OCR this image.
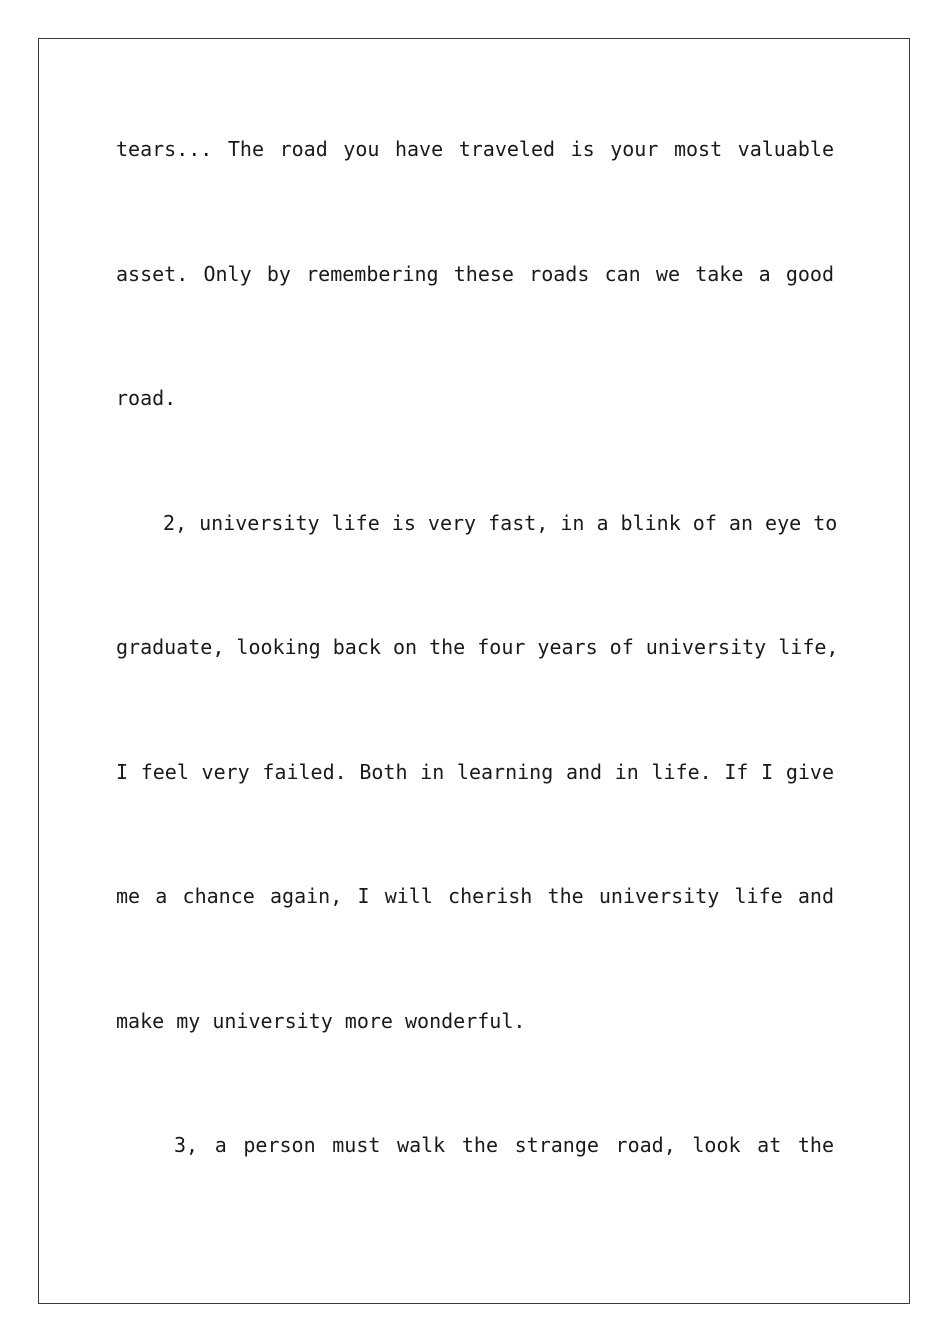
tears... The road you have traveled is your most valuable
asset. Only by remembering these roads can we take a good
road.
2, university life is very fast, in a blink of an eye to
graduate, looking back on the four years of university life,
I feel very failed. Both in learning and in life. If I give
me a chance again, I will cherish the university life and
make my university more wonderful.
3, a person must walk the strange road, look at the
